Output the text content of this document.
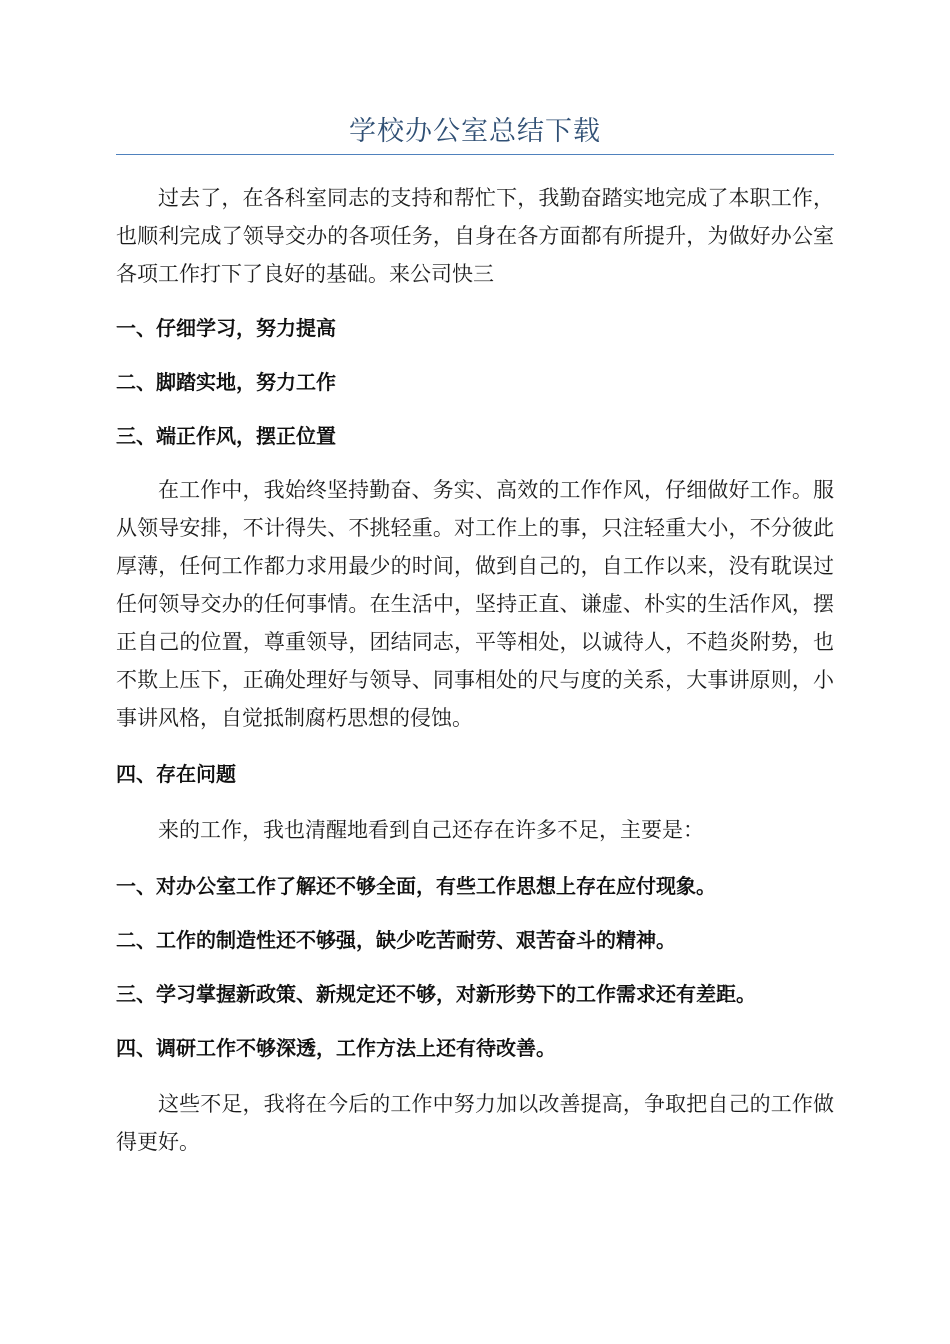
学校办公室总结下载

过去了，在各科室同志的支持和帮忙下，我勤奋踏实地完成了本职工作，也顺利完成了领导交办的各项任务，自身在各方面都有所提升，为做好办公室各项工作打下了良好的基础。来公司快三

一、仔细学习，努力提高

二、脚踏实地，努力工作

三、端正作风，摆正位置

在工作中，我始终坚持勤奋、务实、高效的工作作风，仔细做好工作。服从领导安排，不计得失、不挑轻重。对工作上的事，只注轻重大小，不分彼此厚薄，任何工作都力求用最少的时间，做到自己的，自工作以来，没有耽误过任何领导交办的任何事情。在生活中，坚持正直、谦虚、朴实的生活作风，摆正自己的位置，尊重领导，团结同志，平等相处，以诚待人，不趋炎附势，也不欺上压下，正确处理好与领导、同事相处的尺与度的关系，大事讲原则，小事讲风格，自觉抵制腐朽思想的侵蚀。

四、存在问题

来的工作，我也清醒地看到自己还存在许多不足，主要是：

一、对办公室工作了解还不够全面，有些工作思想上存在应付现象。

二、工作的制造性还不够强，缺少吃苦耐劳、艰苦奋斗的精神。

三、学习掌握新政策、新规定还不够，对新形势下的工作需求还有差距。

四、调研工作不够深透，工作方法上还有待改善。

这些不足，我将在今后的工作中努力加以改善提高，争取把自己的工作做得更好。
